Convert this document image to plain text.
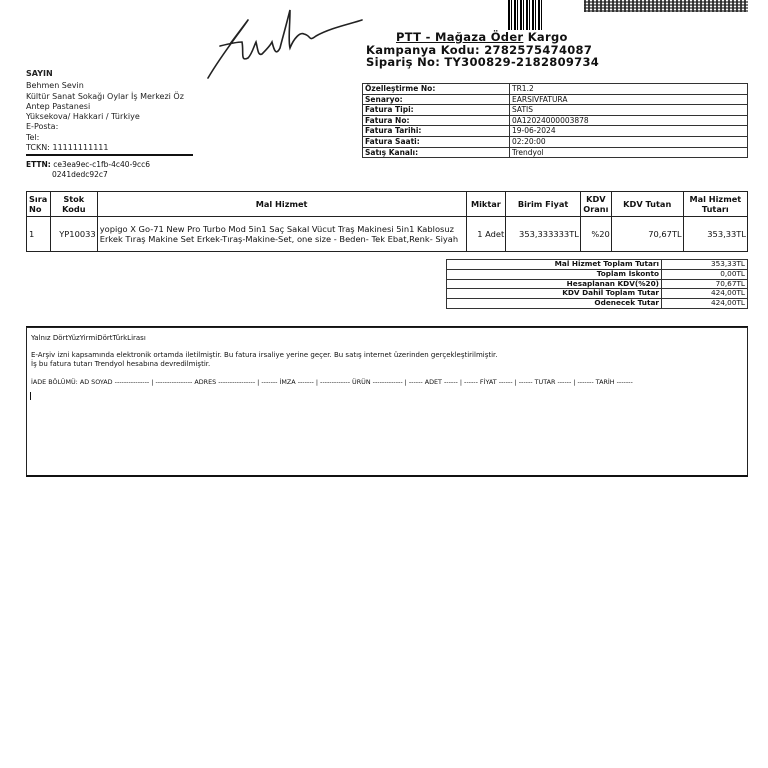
PTT - Mağaza Öder Kargo
Kampanya Kodu: 2782575474087
Sipariş No: TY300829-2182809734
SAYIN
Behmen Sevin
Kültür Sanat Sokağı Oylar İş Merkezi Öz
Antep Pastanesi
Yüksekova/ Hakkari / Türkiye
E-Posta:
Tel:
TCKN: 11111111111
ETTN: ce3ea9ec-c1fb-4c40-9cc6
0241dedc92c7
Özelleştirme No:	TR1.2
Senaryo:	EARSIVFATURA
Fatura Tipi:	SATIS
Fatura No:	0A12024000003878
Fatura Tarihi:	19-06-2024
Fatura Saati:	02:20:00
Satış Kanalı:	Trendyol
Sıra No	Stok Kodu	Mal Hizmet	Miktar	Birim Fiyat	KDV Oranı	KDV Tutan	Mal Hizmet Tutarı
1	YP10033	yopigo X Go-71 New Pro Turbo Mod 5in1 Saç Sakal Vücut Traş Makinesi 5in1 Kablosuz Erkek Tıraş Makine Set Erkek-Tıraş-Makine-Set, one size - Beden- Tek Ebat,Renk- Siyah	1 Adet	353,333333TL	%20	70,67TL	353,33TL
Mal Hizmet Toplam Tutarı	353,33TL
Toplam İskonto	0,00TL
Hesaplanan KDV(%20)	70,67TL
KDV Dahil Toplam Tutar	424,00TL
Ödenecek Tutar	424,00TL
Yalnız DörtYüzYirmiDörtTürkLirası
E-Arşiv izni kapsamında elektronik ortamda iletilmiştir. Bu fatura irsaliye yerine geçer. Bu satış internet üzerinden gerçekleştirilmiştir.
İş bu fatura tutarı Trendyol hesabına devredilmiştir.
İADE BÖLÜMÜ: AD SOYAD --------------- | ---------------- ADRES ---------------- | ------- İMZA ------- | ------------- ÜRÜN ------------- | ------ ADET ------ | ------ FİYAT ------ | ------ TUTAR ------ | ------- TARİH -------
